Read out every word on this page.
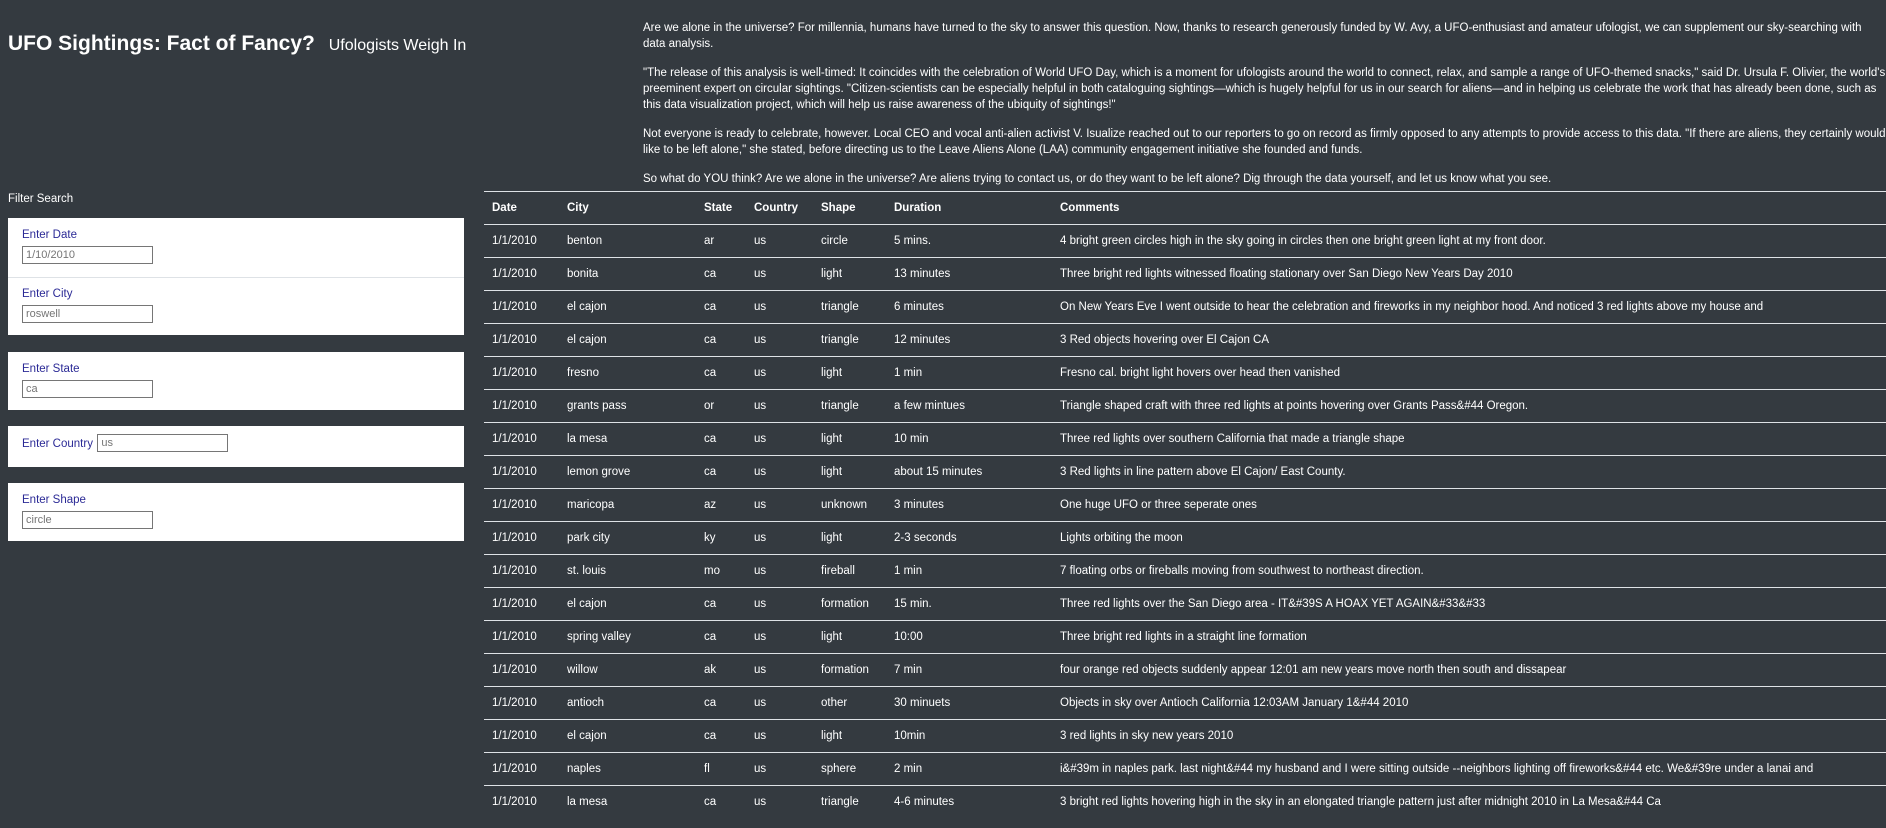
UFO Sightings: Fact of Fancy? Ufologists Weigh In

Are we alone in the universe? For millennia, humans have turned to the sky to answer this question. Now, thanks to research generously funded by W. Avy, a UFO-enthusiast and amateur ufologist, we can supplement our sky-searching with data analysis.

"The release of this analysis is well-timed: It coincides with the celebration of World UFO Day, which is a moment for ufologists around the world to connect, relax, and sample a range of UFO-themed snacks," said Dr. Ursula F. Olivier, the world's preeminent expert on circular sightings. "Citizen-scientists can be especially helpful in both cataloguing sightings—which is hugely helpful for us in our search for aliens—and in helping us celebrate the work that has already been done, such as this data visualization project, which will help us raise awareness of the ubiquity of sightings!"

Not everyone is ready to celebrate, however. Local CEO and vocal anti-alien activist V. Isualize reached out to our reporters to go on record as firmly opposed to any attempts to provide access to this data. "If there are aliens, they certainly would like to be left alone," she stated, before directing us to the Leave Aliens Alone (LAA) community engagement initiative she founded and funds.

So what do YOU think? Are we alone in the universe? Are aliens trying to contact us, or do they want to be left alone? Dig through the data yourself, and let us know what you see.

Filter Search
Enter Date
1/10/2010
Enter City
roswell
Enter State
ca
Enter Country us
Enter Shape
circle
Date	City	State	Country	Shape	Duration	Comments
1/1/2010	benton	ar	us	circle	5 mins.	4 bright green circles high in the sky going in circles then one bright green light at my front door.
1/1/2010	bonita	ca	us	light	13 minutes	Three bright red lights witnessed floating stationary over San Diego New Years Day 2010
1/1/2010	el cajon	ca	us	triangle	6 minutes	On New Years Eve I went outside to hear the celebration and fireworks in my neighbor hood. And noticed 3 red lights above my house and
1/1/2010	el cajon	ca	us	triangle	12 minutes	3 Red objects hovering over El Cajon CA
1/1/2010	fresno	ca	us	light	1 min	Fresno cal. bright light hovers over head then vanished
1/1/2010	grants pass	or	us	triangle	a few mintues	Triangle shaped craft with three red lights at points hovering over Grants Pass&#44 Oregon.
1/1/2010	la mesa	ca	us	light	10 min	Three red lights over southern California that made a triangle shape
1/1/2010	lemon grove	ca	us	light	about 15 minutes	3 Red lights in line pattern above El Cajon/ East County.
1/1/2010	maricopa	az	us	unknown	3 minutes	One huge UFO or three seperate ones
1/1/2010	park city	ky	us	light	2-3 seconds	Lights orbiting the moon
1/1/2010	st. louis	mo	us	fireball	1 min	7 floating orbs or fireballs moving from southwest to northeast direction.
1/1/2010	el cajon	ca	us	formation	15 min.	Three red lights over the San Diego area - IT&#39S A HOAX YET AGAIN&#33&#33
1/1/2010	spring valley	ca	us	light	10:00	Three bright red lights in a straight line formation
1/1/2010	willow	ak	us	formation	7 min	four orange red objects suddenly appear 12:01 am new years move north then south and dissapear
1/1/2010	antioch	ca	us	other	30 minuets	Objects in sky over Antioch California 12:03AM January 1&#44 2010
1/1/2010	el cajon	ca	us	light	10min	3 red lights in sky new years 2010
1/1/2010	naples	fl	us	sphere	2 min	i&#39m in naples park. last night&#44 my husband and I were sitting outside --neighbors lighting off fireworks&#44 etc. We&#39re under a lanai and
1/1/2010	la mesa	ca	us	triangle	4-6 minutes	3 bright red lights hovering high in the sky in an elongated triangle pattern just after midnight 2010 in La Mesa&#44 Ca
